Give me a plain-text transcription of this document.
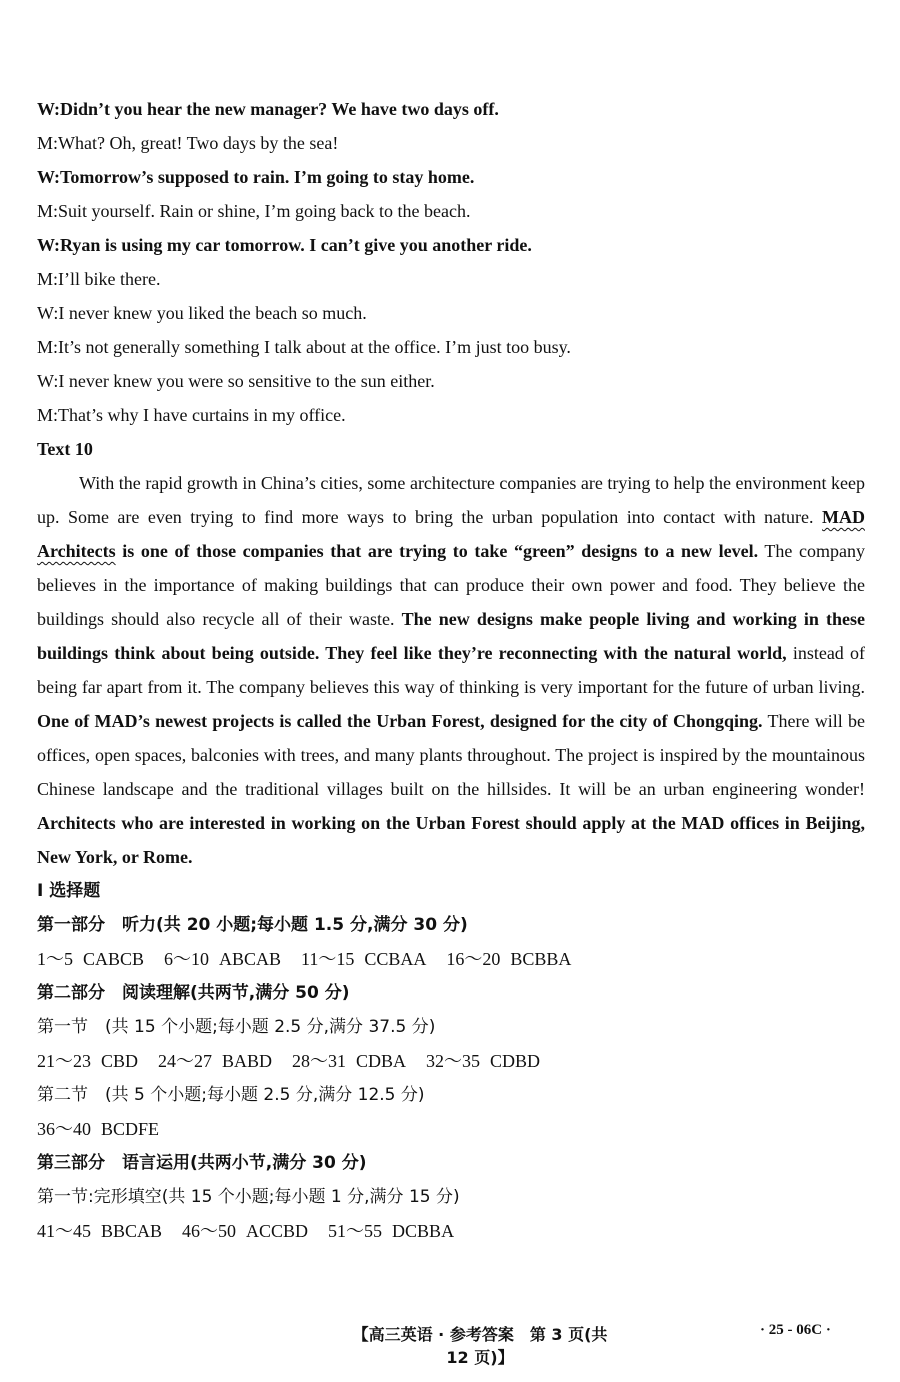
W:Didn’t you hear the new manager? We have two days off.
M:What? Oh, great! Two days by the sea!
W:Tomorrow’s supposed to rain. I’m going to stay home.
M:Suit yourself. Rain or shine, I’m going back to the beach.
W:Ryan is using my car tomorrow. I can’t give you another ride.
M:I’ll bike there.
W:I never knew you liked the beach so much.
M:It’s not generally something I talk about at the office. I’m just too busy.
W:I never knew you were so sensitive to the sun either.
M:That’s why I have curtains in my office.
Text 10

With the rapid growth in China’s cities, some architecture companies are trying to help the environment keep up. Some are even trying to find more ways to bring the urban population into contact with nature. MAD Architects is one of those companies that are trying to take “green” designs to a new level. The company believes in the importance of making buildings that can produce their own power and food. They believe the buildings should also recycle all of their waste. The new designs make people living and working in these buildings think about being outside. They feel like they’re reconnecting with the natural world, instead of being far apart from it. The company believes this way of thinking is very important for the future of urban living. One of MAD’s newest projects is called the Urban Forest, designed for the city of Chongqing. There will be offices, open spaces, balconies with trees, and many plants throughout. The project is inspired by the mountainous Chinese landscape and the traditional villages built on the hillsides. It will be an urban engineering wonder! Architects who are interested in working on the Urban Forest should apply at the MAD offices in Beijing, New York, or Rome.

Ⅰ 选择题
第一部分　听力(共 20 小题;每小题 1.5 分,满分 30 分)
1～5 CABCB 6～10 ABCAB 11～15 CCBAA 16～20 BCBBA
第二部分　阅读理解(共两节,满分 50 分)
第一节　(共 15 个小题;每小题 2.5 分,满分 37.5 分)
21～23 CBD 24～27 BABD 28～31 CDBA 32～35 CDBD
第二节　(共 5 个小题;每小题 2.5 分,满分 12.5 分)
36～40 BCDFE
第三部分　语言运用(共两小节,满分 30 分)
第一节:完形填空(共 15 个小题;每小题 1 分,满分 15 分)
41～45 BBCAB 46～50 ACCBD 51～55 DCBBA
【高三英语 · 参考答案　第 3 页(共 12 页)】
· 25 - 06C ·
